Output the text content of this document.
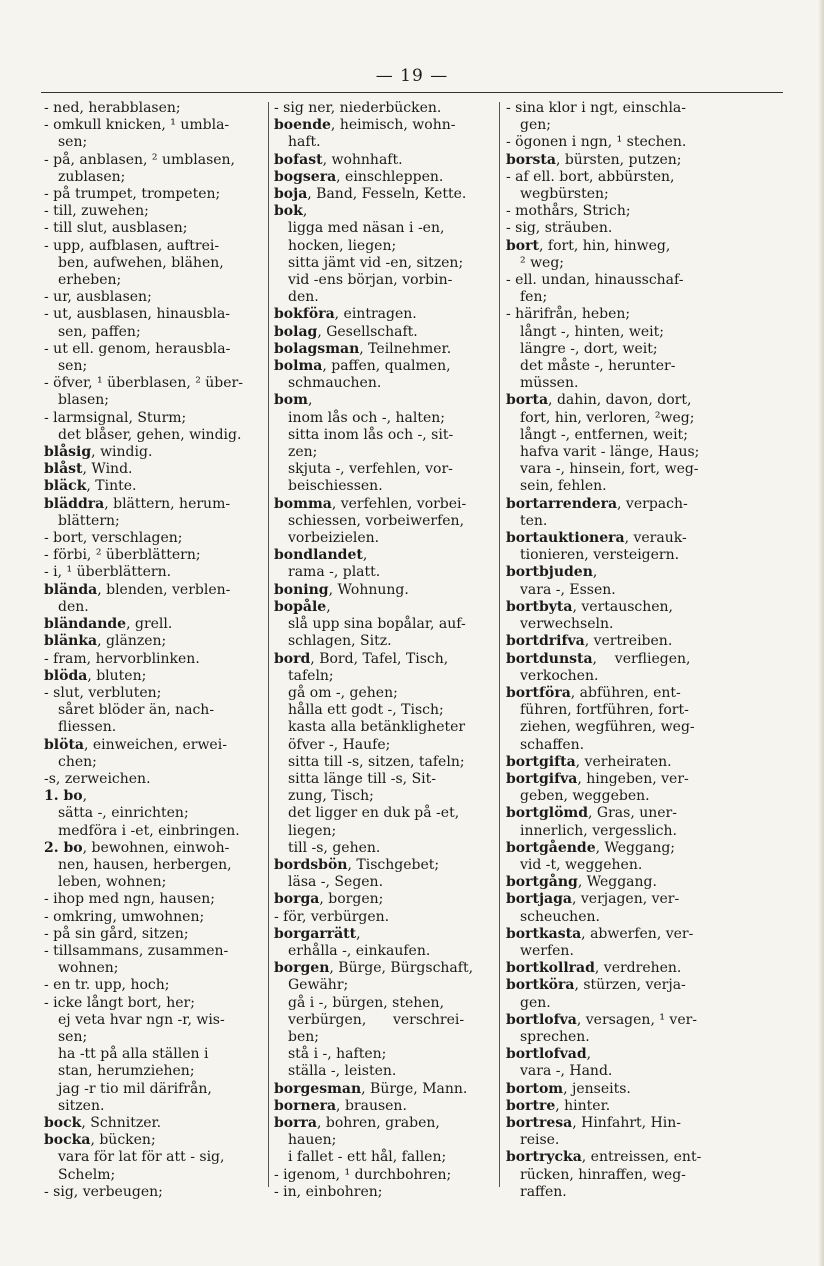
— 19 —
- ned, herabblasen;
- omkull knicken, ¹ umbla-
sen;
- på, anblasen, ² umblasen,
zublasen;
- på trumpet, trompeten;
- till, zuwehen;
- till slut, ausblasen;
- upp, aufblasen, auftrei-
ben, aufwehen, blähen,
erheben;
- ur, ausblasen;
- ut, ausblasen, hinausbla-
sen, paffen;
- ut ell. genom, herausbla-
sen;
- öfver, ¹ überblasen, ² über-
blasen;
- larmsignal, Sturm;
det blåser, gehen, windig.
blåsig, windig.
blåst, Wind.
bläck, Tinte.
bläddra, blättern, herum-
blättern;
- bort, verschlagen;
- förbi, ² überblättern;
- i, ¹ überblättern.
blända, blenden, verblen-
den.
bländande, grell.
blänka, glänzen;
- fram, hervorblinken.
blöda, bluten;
- slut, verbluten;
såret blöder än, nach-
fliessen.
blöta, einweichen, erwei-
chen;
-s, zerweichen.
1. bo,
sätta -, einrichten;
medföra i -et, einbringen.
2. bo, bewohnen, einwoh-
nen, hausen, herbergen,
leben, wohnen;
- ihop med ngn, hausen;
- omkring, umwohnen;
- på sin gård, sitzen;
- tillsammans, zusammen-
wohnen;
- en tr. upp, hoch;
- icke långt bort, her;
ej veta hvar ngn -r, wis-
sen;
ha -tt på alla ställen i
stan, herumziehen;
jag -r tio mil därifrån,
sitzen.
bock, Schnitzer.
bocka, bücken;
vara för lat för att - sig,
Schelm;
- sig, verbeugen;
- sig ner, niederbücken.
boende, heimisch, wohn-
haft.
bofast, wohnhaft.
bogsera, einschleppen.
boja, Band, Fesseln, Kette.
bok,
ligga med näsan i -en,
hocken, liegen;
sitta jämt vid -en, sitzen;
vid -ens början, vorbin-
den.
bokföra, eintragen.
bolag, Gesellschaft.
bolagsman, Teilnehmer.
bolma, paffen, qualmen,
schmauchen.
bom,
inom lås och -, halten;
sitta inom lås och -, sit-
zen;
skjuta -, verfehlen, vor-
beischiessen.
bomma, verfehlen, vorbei-
schiessen, vorbeiwerfen,
vorbeizielen.
bondlandet,
rama -, platt.
boning, Wohnung.
bopåle,
slå upp sina bopålar, auf-
schlagen, Sitz.
bord, Bord, Tafel, Tisch,
tafeln;
gå om -, gehen;
hålla ett godt -, Tisch;
kasta alla betänkligheter
öfver -, Haufe;
sitta till -s, sitzen, tafeln;
sitta länge till -s, Sit-
zung, Tisch;
det ligger en duk på -et,
liegen;
till -s, gehen.
bordsbön, Tischgebet;
läsa -, Segen.
borga, borgen;
- för, verbürgen.
borgarrätt,
erhålla -, einkaufen.
borgen, Bürge, Bürgschaft,
Gewähr;
gå i -, bürgen, stehen,
verbürgen,      verschrei-
ben;
stå i -, haften;
ställa -, leisten.
borgesman, Bürge, Mann.
bornera, brausen.
borra, bohren, graben,
hauen;
i fallet - ett hål, fallen;
- igenom, ¹ durchbohren;
- in, einbohren;
- sina klor i ngt, einschla-
gen;
- ögonen i ngn, ¹ stechen.
borsta, bürsten, putzen;
- af ell. bort, abbürsten,
wegbürsten;
- mothårs, Strich;
- sig, sträuben.
bort, fort, hin, hinweg,
² weg;
- ell. undan, hinausschaf-
fen;
- härifrån, heben;
långt -, hinten, weit;
längre -, dort, weit;
det måste -, herunter-
müssen.
borta, dahin, davon, dort,
fort, hin, verloren, ²weg;
långt -, entfernen, weit;
hafva varit - länge, Haus;
vara -, hinsein, fort, weg-
sein, fehlen.
bortarrendera, verpach-
ten.
bortauktionera, verauk-
tionieren, versteigern.
bortbjuden,
vara -, Essen.
bortbyta, vertauschen,
verwechseln.
bortdrifva, vertreiben.
bortdunsta,    verfliegen,
verkochen.
bortföra, abführen, ent-
führen, fortführen, fort-
ziehen, wegführen, weg-
schaffen.
bortgifta, verheiraten.
bortgifva, hingeben, ver-
geben, weggeben.
bortglömd, Gras, uner-
innerlich, vergesslich.
bortgående, Weggang;
vid -t, weggehen.
bortgång, Weggang.
bortjaga, verjagen, ver-
scheuchen.
bortkasta, abwerfen, ver-
werfen.
bortkollrad, verdrehen.
bortköra, stürzen, verja-
gen.
bortlofva, versagen, ¹ ver-
sprechen.
bortlofvad,
vara -, Hand.
bortom, jenseits.
bortre, hinter.
bortresa, Hinfahrt, Hin-
reise.
bortrycka, entreissen, ent-
rücken, hinraffen, weg-
raffen.
